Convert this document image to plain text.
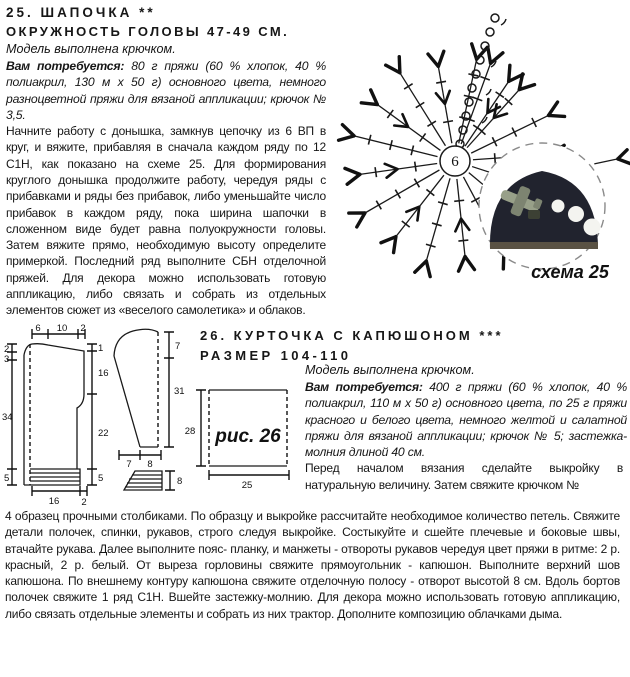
6
схема 25

25. ШАПОЧКА **

ОКРУЖНОСТЬ ГОЛОВЫ 47-49 СМ.

Модель выполнена крючком.

Вам потребуется: 80 г пряжи (60 % хлопок, 40 % полиакрил, 130 м х 50 г) основного цвета, немного разноцветной пряжи для вязаной аппликации; крючок № 3,5.

Начните работу с донышка, замкнув цепочку из 6 ВП в круг, и вяжите, прибавляя в сначала каждом ряду по 12 С1Н, как показано на схеме 25. Для формирования круглого донышка продолжите работу, чередуя ряды с прибавками и ряды без прибавок, либо уменьшайте число прибавок в каждом ряду, пока ширина шапочки в сложенном виде будет равна полуокружности головы. Затем вяжите прямо, необходимую высоту определите примеркой. Последний ряд выполните СБН отделочной пряжей. Для декора можно использовать готовую аппликацию, либо связать и собрать из отдельных элементов сюжет из «веселого самолетика» и облаков.

6 10 2
2
3
34
5
1
16
22
5
16 2
7
31
7 8
8
рис. 26
28
25

26. КУРТОЧКА С КАПЮШОНОМ ***

РАЗМЕР 104-110

Модель выполнена крючком.

Вам потребуется: 400 г пряжи (60 % хлопок, 40 % полиакрил, 110 м х 50 г) основного цвета, по 25 г пряжи красного и белого цвета, немного желтой и салатной пряжи для вязаной аппликации; крючок № 5; застежка-молния длиной 40 см.

Перед началом вязания сделайте выкройку в натуральную величину. Затем свяжите крючком №

4 образец прочными столбиками. По образцу и выкройке рассчитайте необходимое количество петель. Свяжите детали полочек, спинки, рукавов, строго следуя выкройке. Состыкуйте и сшейте плечевые и боковые швы, втачайте рукава. Далее выполните пояс- планку, и манжеты - отвороты рукавов чередуя цвет пряжи в ритме: 2 р. красный, 2 р. белый. От выреза горловины свяжите прямоугольник - капюшон. Выполните верхний шов капюшона. По внешнему контуру капюшона свяжите отделочную полосу - отворот высотой 8 см. Вдоль бортов полочек свяжите 1 ряд С1Н. Вшейте застежку-молнию. Для декора можно использовать готовую аппликацию, либо связать отдельные элементы и собрать из них трактор. Дополните композицию облачками дыма.
